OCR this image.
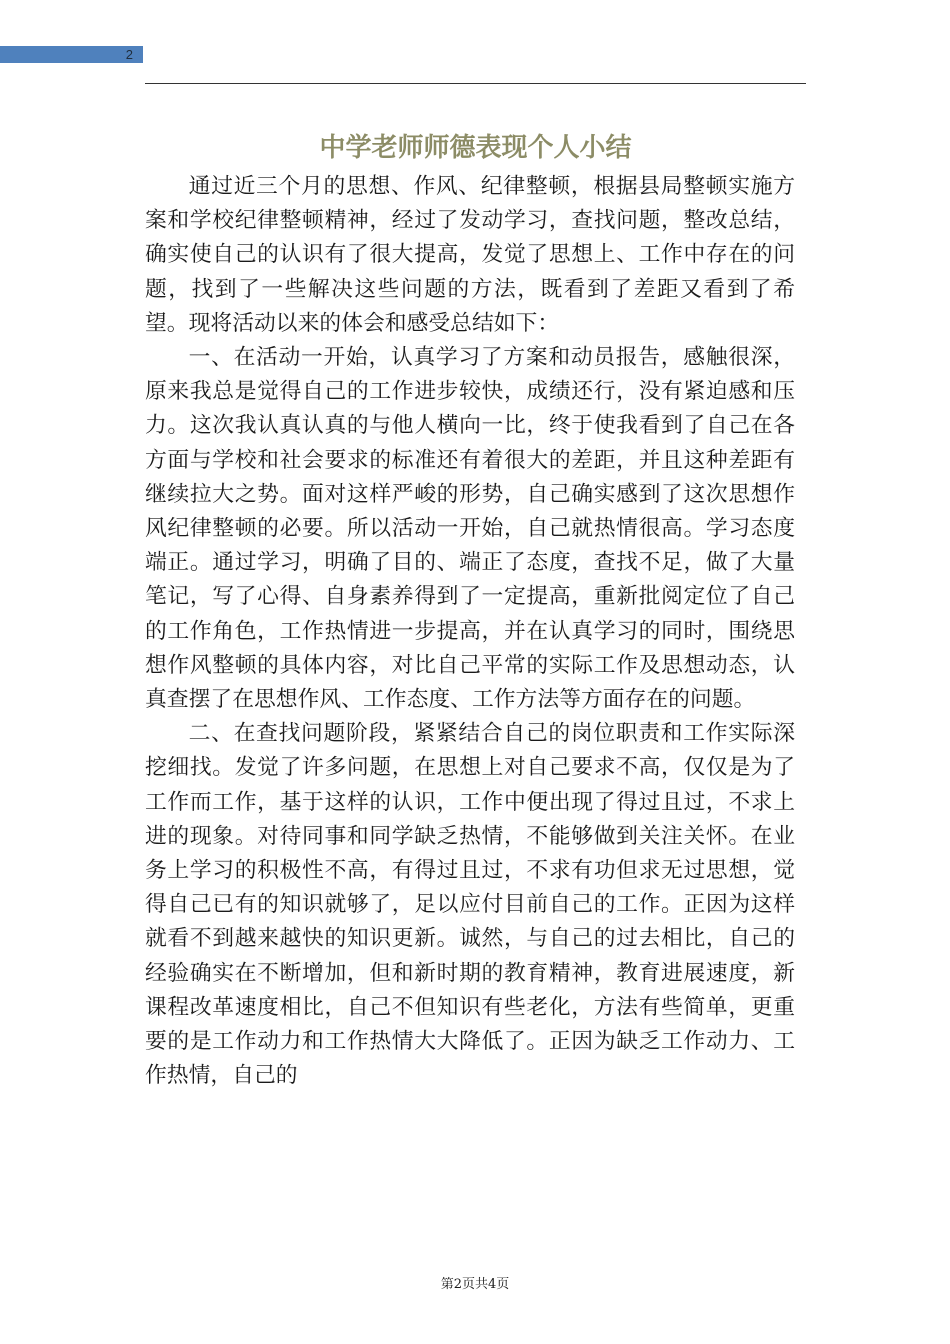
2
中学老师师德表现个人小结

通过近三个月的思想、作风、纪律整顿，根据县局整顿实施方案和学校纪律整顿精神，经过了发动学习，查找问题，整改总结，确实使自己的认识有了很大提高，发觉了思想上、工作中存在的问题，找到了一些解决这些问题的方法，既看到了差距又看到了希望。现将活动以来的体会和感受总结如下：

一、在活动一开始，认真学习了方案和动员报告，感触很深，原来我总是觉得自己的工作进步较快，成绩还行，没有紧迫感和压力。这次我认真认真的与他人横向一比，终于使我看到了自己在各方面与学校和社会要求的标准还有着很大的差距，并且这种差距有继续拉大之势。面对这样严峻的形势，自己确实感到了这次思想作风纪律整顿的必要。所以活动一开始，自己就热情很高。学习态度端正。通过学习，明确了目的、端正了态度，查找不足，做了大量笔记，写了心得、自身素养得到了一定提高，重新批阅定位了自己的工作角色，工作热情进一步提高，并在认真学习的同时，围绕思想作风整顿的具体内容，对比自己平常的实际工作及思想动态，认真查摆了在思想作风、工作态度、工作方法等方面存在的问题。

二、在查找问题阶段，紧紧结合自己的岗位职责和工作实际深挖细找。发觉了许多问题，在思想上对自己要求不高，仅仅是为了工作而工作，基于这样的认识，工作中便出现了得过且过，不求上进的现象。对待同事和同学缺乏热情，不能够做到关注关怀。在业务上学习的积极性不高，有得过且过，不求有功但求无过思想，觉得自己已有的知识就够了，足以应付目前自己的工作。正因为这样就看不到越来越快的知识更新。诚然，与自己的过去相比，自己的经验确实在不断增加，但和新时期的教育精神，教育进展速度，新课程改革速度相比，自己不但知识有些老化，方法有些简单，更重要的是工作动力和工作热情大大降低了。正因为缺乏工作动力、工作热情，自己的

第2页共4页
